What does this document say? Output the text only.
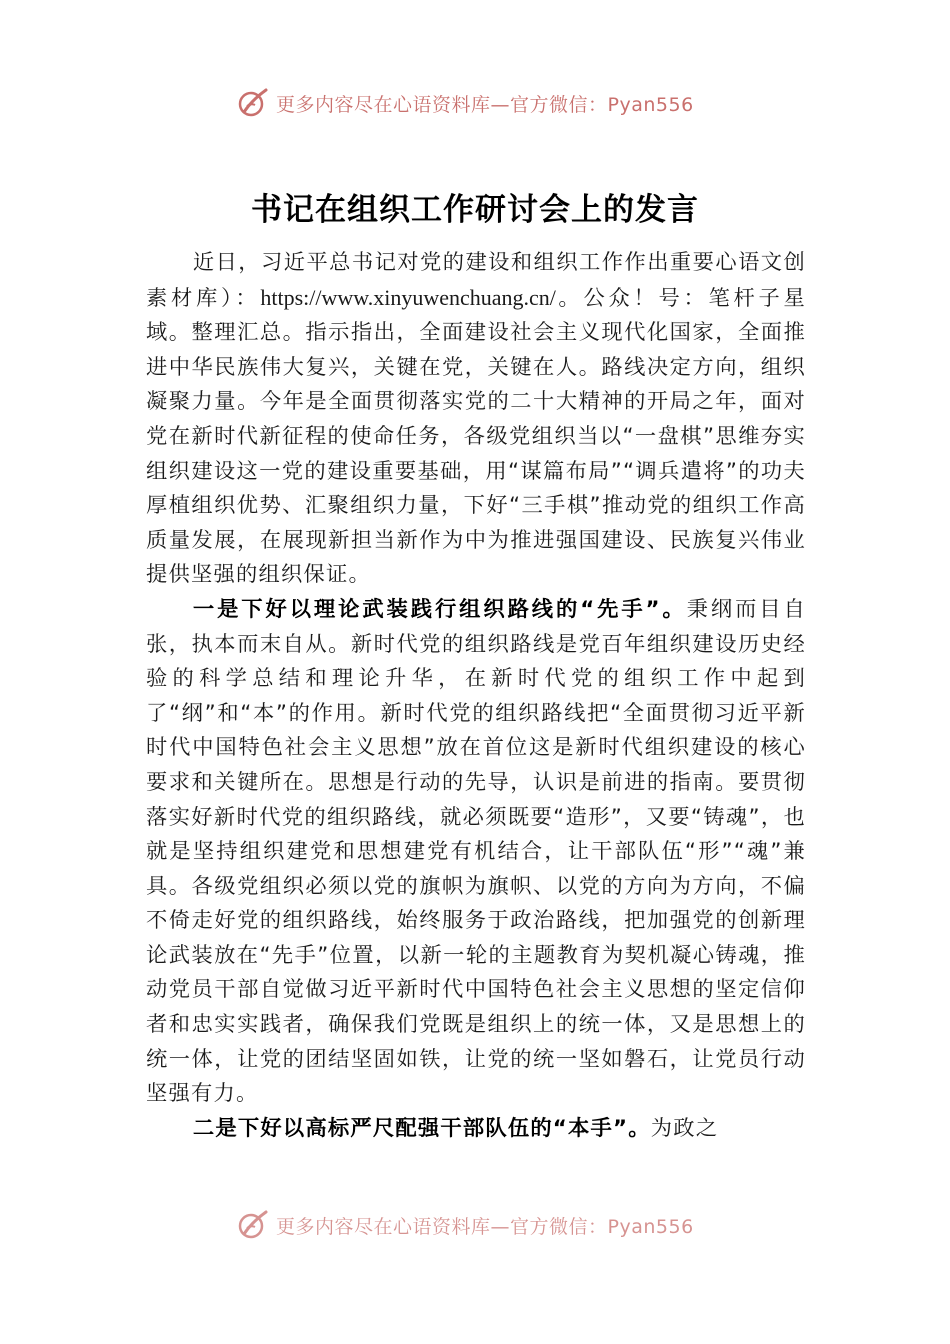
更多内容尽在心语资料库—官方微信：Pyan556
书记在组织工作研讨会上的发言

近日，习近平总书记对党的建设和组织工作作出重要心语文创素材库）：https://www.xinyuwenchuang.cn/。公众！号：笔杆子星域。整理汇总。指示指出，全面建设社会主义现代化国家，全面推进中华民族伟大复兴，关键在党，关键在人。路线决定方向，组织凝聚力量。今年是全面贯彻落实党的二十大精神的开局之年，面对党在新时代新征程的使命任务，各级党组织当以“一盘棋”思维夯实组织建设这一党的建设重要基础，用“谋篇布局”“调兵遣将”的功夫厚植组织优势、汇聚组织力量，下好“三手棋”推动党的组织工作高质量发展，在展现新担当新作为中为推进强国建设、民族复兴伟业提供坚强的组织保证。

一是下好以理论武装践行组织路线的“先手”。秉纲而目自张，执本而末自从。新时代党的组织路线是党百年组织建设历史经验的科学总结和理论升华，在新时代党的组织工作中起到了“纲”和“本”的作用。新时代党的组织路线把“全面贯彻习近平新时代中国特色社会主义思想”放在首位这是新时代组织建设的核心要求和关键所在。思想是行动的先导，认识是前进的指南。要贯彻落实好新时代党的组织路线，就必须既要“造形”，又要“铸魂”，也就是坚持组织建党和思想建党有机结合，让干部队伍“形”“魂”兼具。各级党组织必须以党的旗帜为旗帜、以党的方向为方向，不偏不倚走好党的组织路线，始终服务于政治路线，把加强党的创新理论武装放在“先手”位置，以新一轮的主题教育为契机凝心铸魂，推动党员干部自觉做习近平新时代中国特色社会主义思想的坚定信仰者和忠实实践者，确保我们党既是组织上的统一体，又是思想上的统一体，让党的团结坚固如铁，让党的统一坚如磐石，让党员行动坚强有力。

二是下好以高标严尺配强干部队伍的“本手”。为政之

更多内容尽在心语资料库—官方微信：Pyan556
